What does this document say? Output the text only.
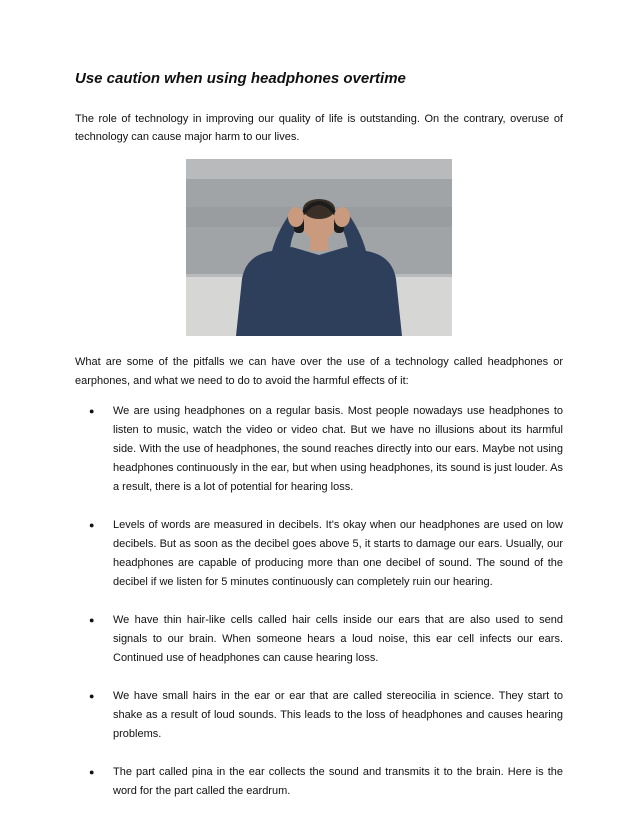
Use caution when using headphones overtime

The role of technology in improving our quality of life is outstanding. On the contrary, overuse of technology can cause major harm to our lives.

What are some of the pitfalls we can have over the use of a technology called headphones or earphones, and what we need to do to avoid the harmful effects of it:

● We are using headphones on a regular basis. Most people nowadays use headphones to listen to music, watch the video or video chat. But we have no illusions about its harmful side. With the use of headphones, the sound reaches directly into our ears. Maybe not using headphones continuously in the ear, but when using headphones, its sound is just louder. As a result, there is a lot of potential for hearing loss.
● Levels of words are measured in decibels. It's okay when our headphones are used on low decibels. But as soon as the decibel goes above 5, it starts to damage our ears. Usually, our headphones are capable of producing more than one decibel of sound. The sound of the decibel if we listen for 5 minutes continuously can completely ruin our hearing.
● We have thin hair-like cells called hair cells inside our ears that are also used to send signals to our brain. When someone hears a loud noise, this ear cell infects our ears. Continued use of headphones can cause hearing loss.
● We have small hairs in the ear or ear that are called stereocilia in science. They start to shake as a result of loud sounds. This leads to the loss of headphones and causes hearing problems.
● The part called pina in the ear collects the sound and transmits it to the brain. Here is the word for the part called the eardrum.
